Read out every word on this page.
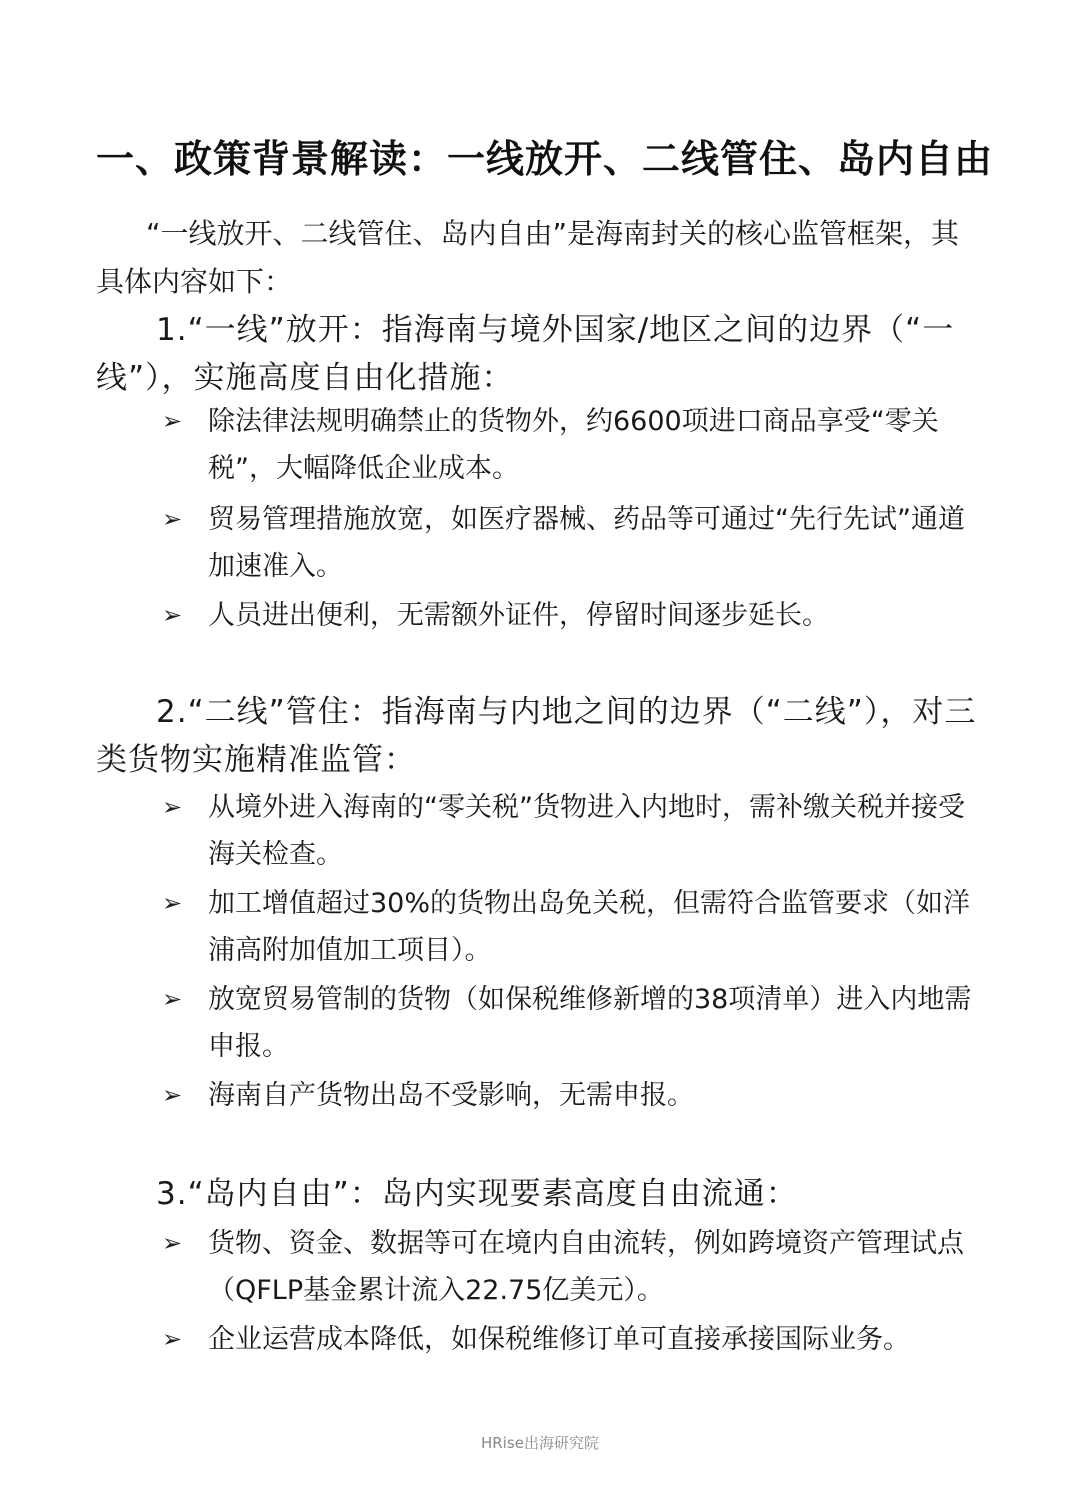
一、政策背景解读：一线放开、二线管住、岛内自由

“一线放开、二线管住、岛内自由”是海南封关的核心监管框架，其具体内容如下：

1.“一线”放开：指海南与境外国家/地区之间的边界（“一线”），实施高度自由化措施：

➢ 除法律法规明确禁止的货物外，约6600项进口商品享受“零关税”，大幅降低企业成本。
➢ 贸易管理措施放宽，如医疗器械、药品等可通过“先行先试”通道加速准入。
➢ 人员进出便利，无需额外证件，停留时间逐步延长。

2.“二线”管住：指海南与内地之间的边界（“二线”），对三类货物实施精准监管：

➢ 从境外进入海南的“零关税”货物进入内地时，需补缴关税并接受海关检查。
➢ 加工增值超过30%的货物出岛免关税，但需符合监管要求（如洋浦高附加值加工项目）。
➢ 放宽贸易管制的货物（如保税维修新增的38项清单）进入内地需申报。
➢ 海南自产货物出岛不受影响，无需申报。

3.“岛内自由”：岛内实现要素高度自由流通：

➢ 货物、资金、数据等可在境内自由流转，例如跨境资产管理试点（QFLP基金累计流入22.75亿美元）。
➢ 企业运营成本降低，如保税维修订单可直接承接国际业务。
HRise出海研究院
